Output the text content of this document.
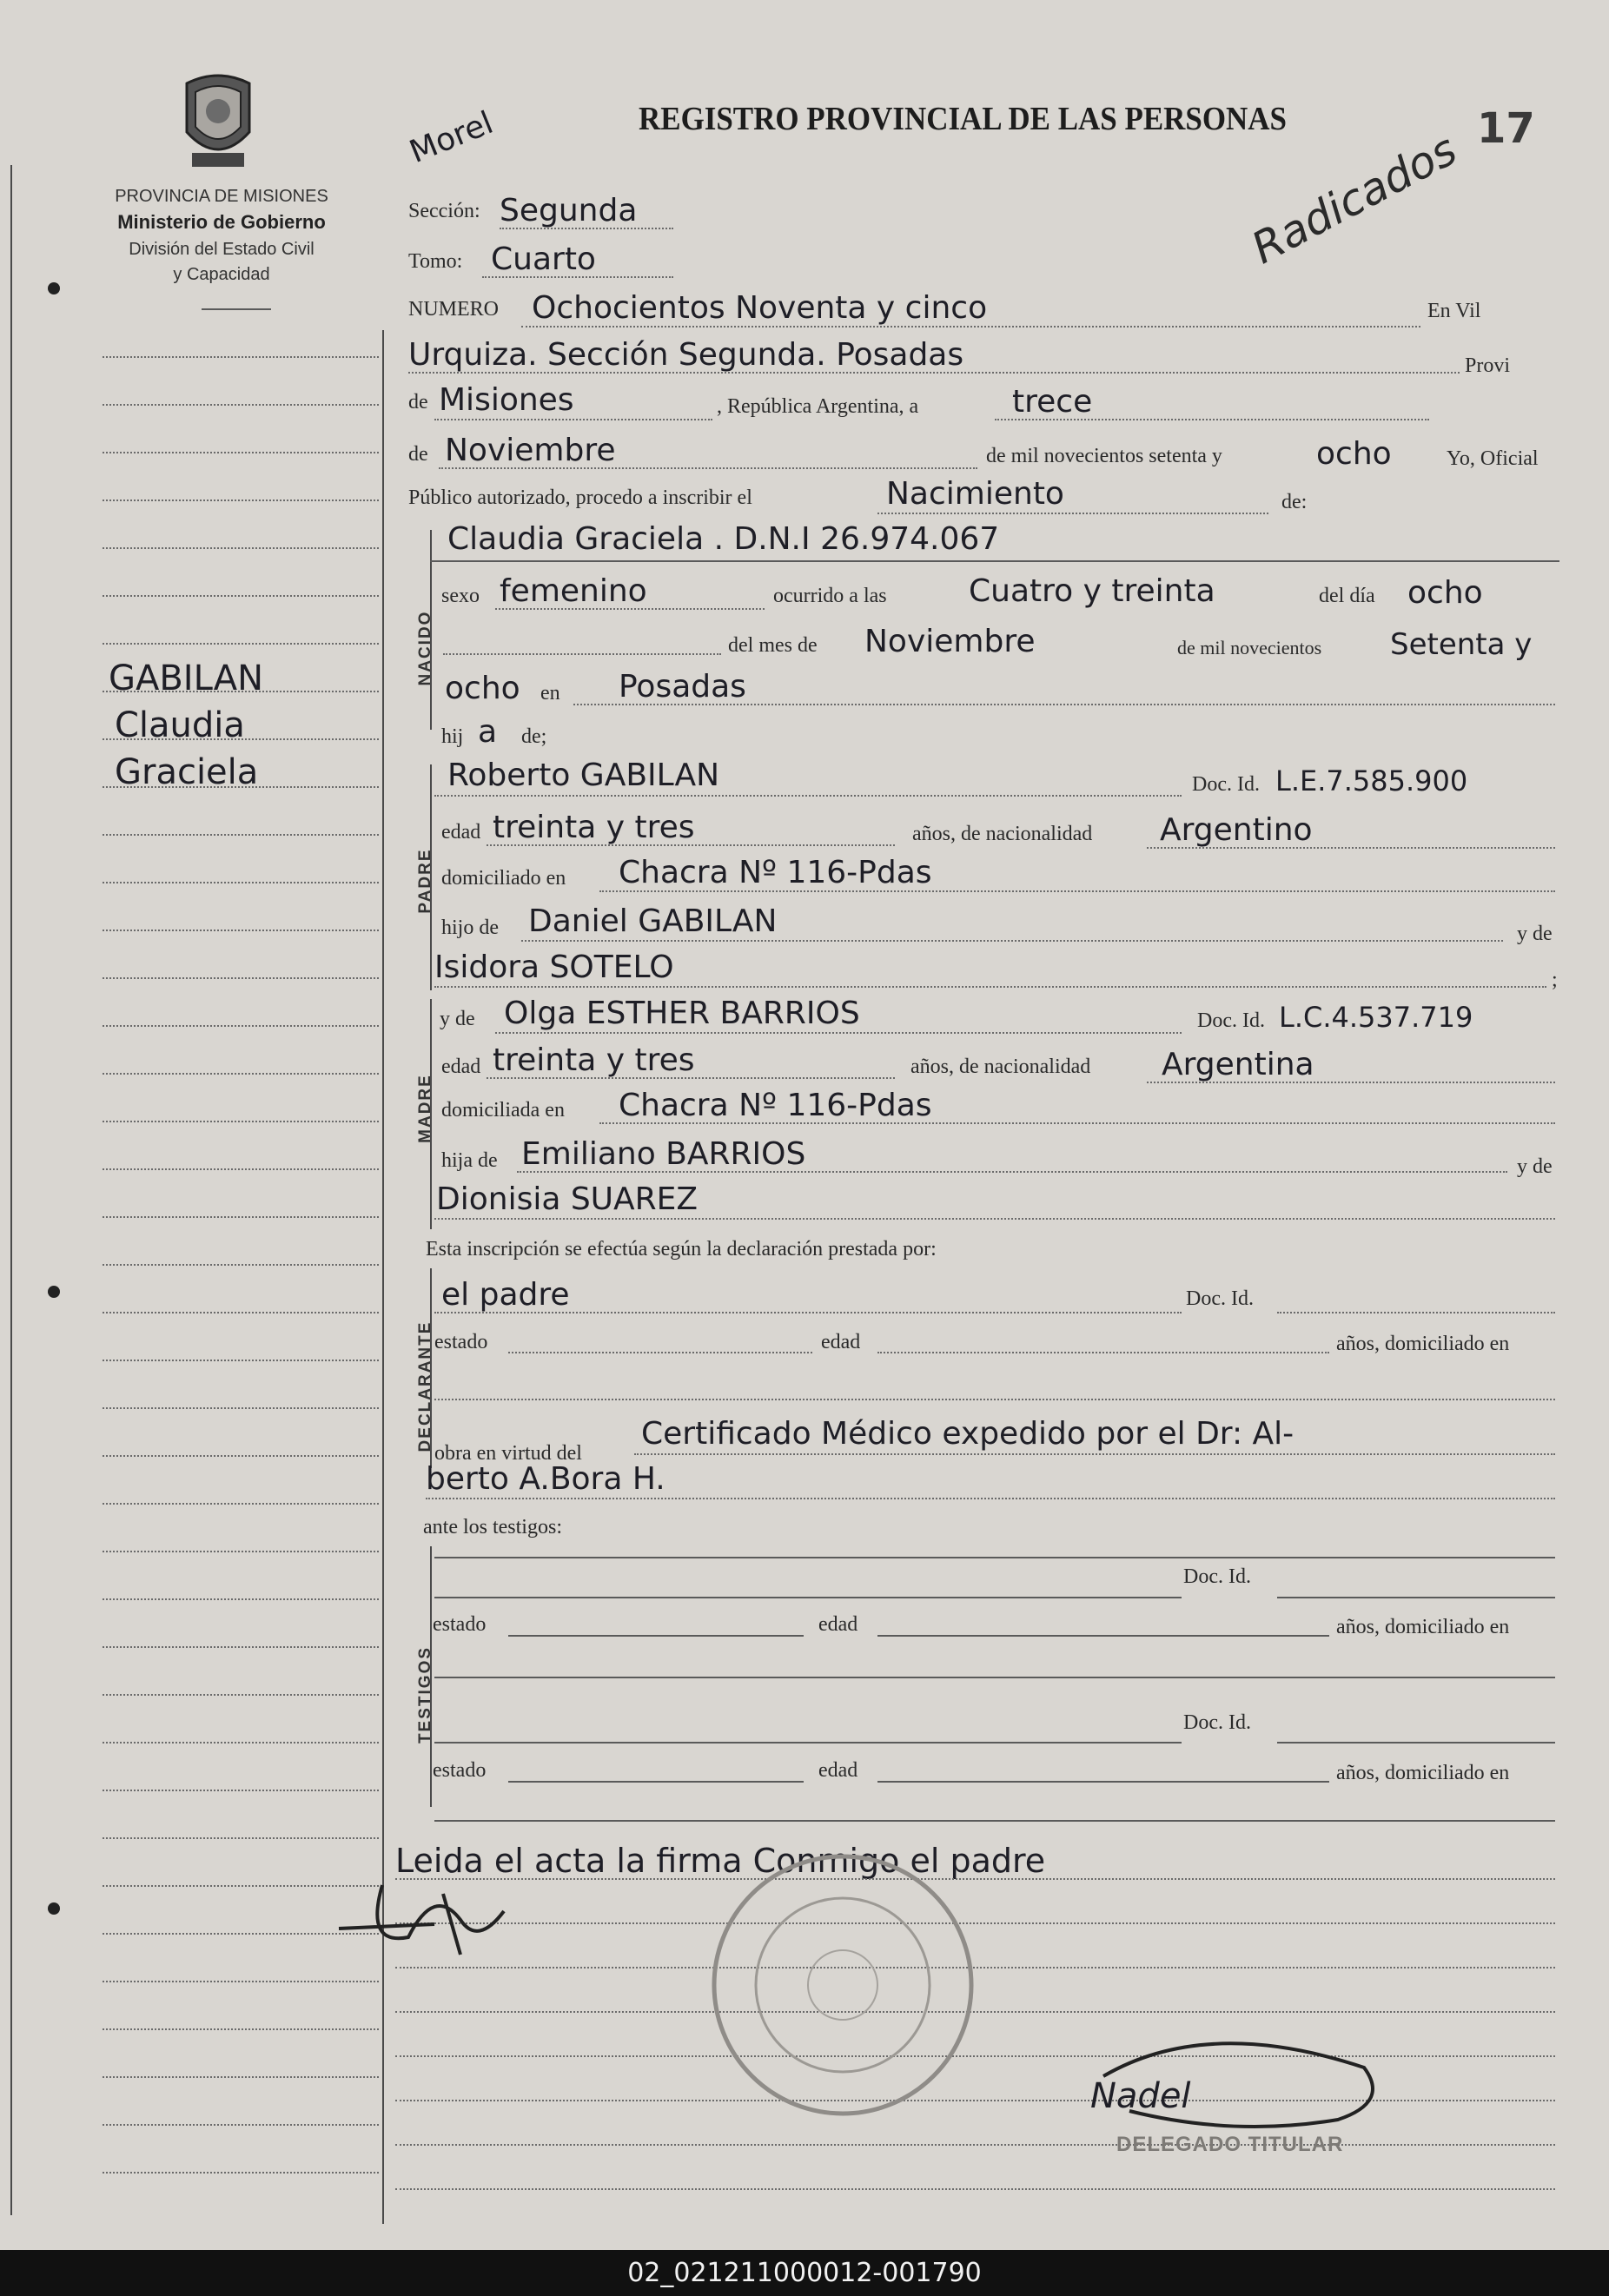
PROVINCIA DE MISIONES
Ministerio de Gobierno
División del Estado Civil
y Capacidad
GABILAN
Claudia
Graciela
REGISTRO PROVINCIAL DE LAS PERSONAS
Morel	Radicados 17
Sección: Segunda
Tomo: Cuarto
NUMERO Ochocientos Noventa y cinco	En Vil
Urquiza. Sección Segunda. Posadas	Provi
de Misiones	, República Argentina, a	trece
de Noviembre	de mil novecientos setenta y	ocho	Yo, Oficial
Público autorizado, procedo a inscribir el	Nacimiento	de:
NACIDO
Claudia Graciela . D.N.I 26.974.067
sexo femenino	ocurrido a las	Cuatro y treinta	del día ocho
del mes de Noviembre	de mil novecientos Setenta y
ocho en Posadas
hij a de;
PADRE
Roberto GABILAN	Doc. Id. L.E.7.585.900
edad treinta y tres	años, de nacionalidad Argentino
domiciliado en Chacra Nº 116-Pdas
hijo de Daniel GABILAN	y de
Isidora SOTELO	;
MADRE
y de Olga ESTHER BARRIOS	Doc. Id. L.C.4.537.719
edad treinta y tres	años, de nacionalidad Argentina
domiciliada en Chacra Nº 116-Pdas
hija de Emiliano BARRIOS	y de
Dionisia SUAREZ
Esta inscripción se efectúa según la declaración prestada por:
DECLARANTE
el padre	Doc. Id.
estado	edad	años, domiciliado en
obra en virtud del
Certificado Médico expedido por el Dr: Al-
berto A.Bora H.
ante los testigos:
TESTIGOS
Doc. Id.
estado	edad	años, domiciliado en
Doc. Id.
estado	edad	años, domiciliado en
Leida el acta la firma Conmigo el padre
Nadel
DELEGADO TITULAR
02_021211000012-001790
